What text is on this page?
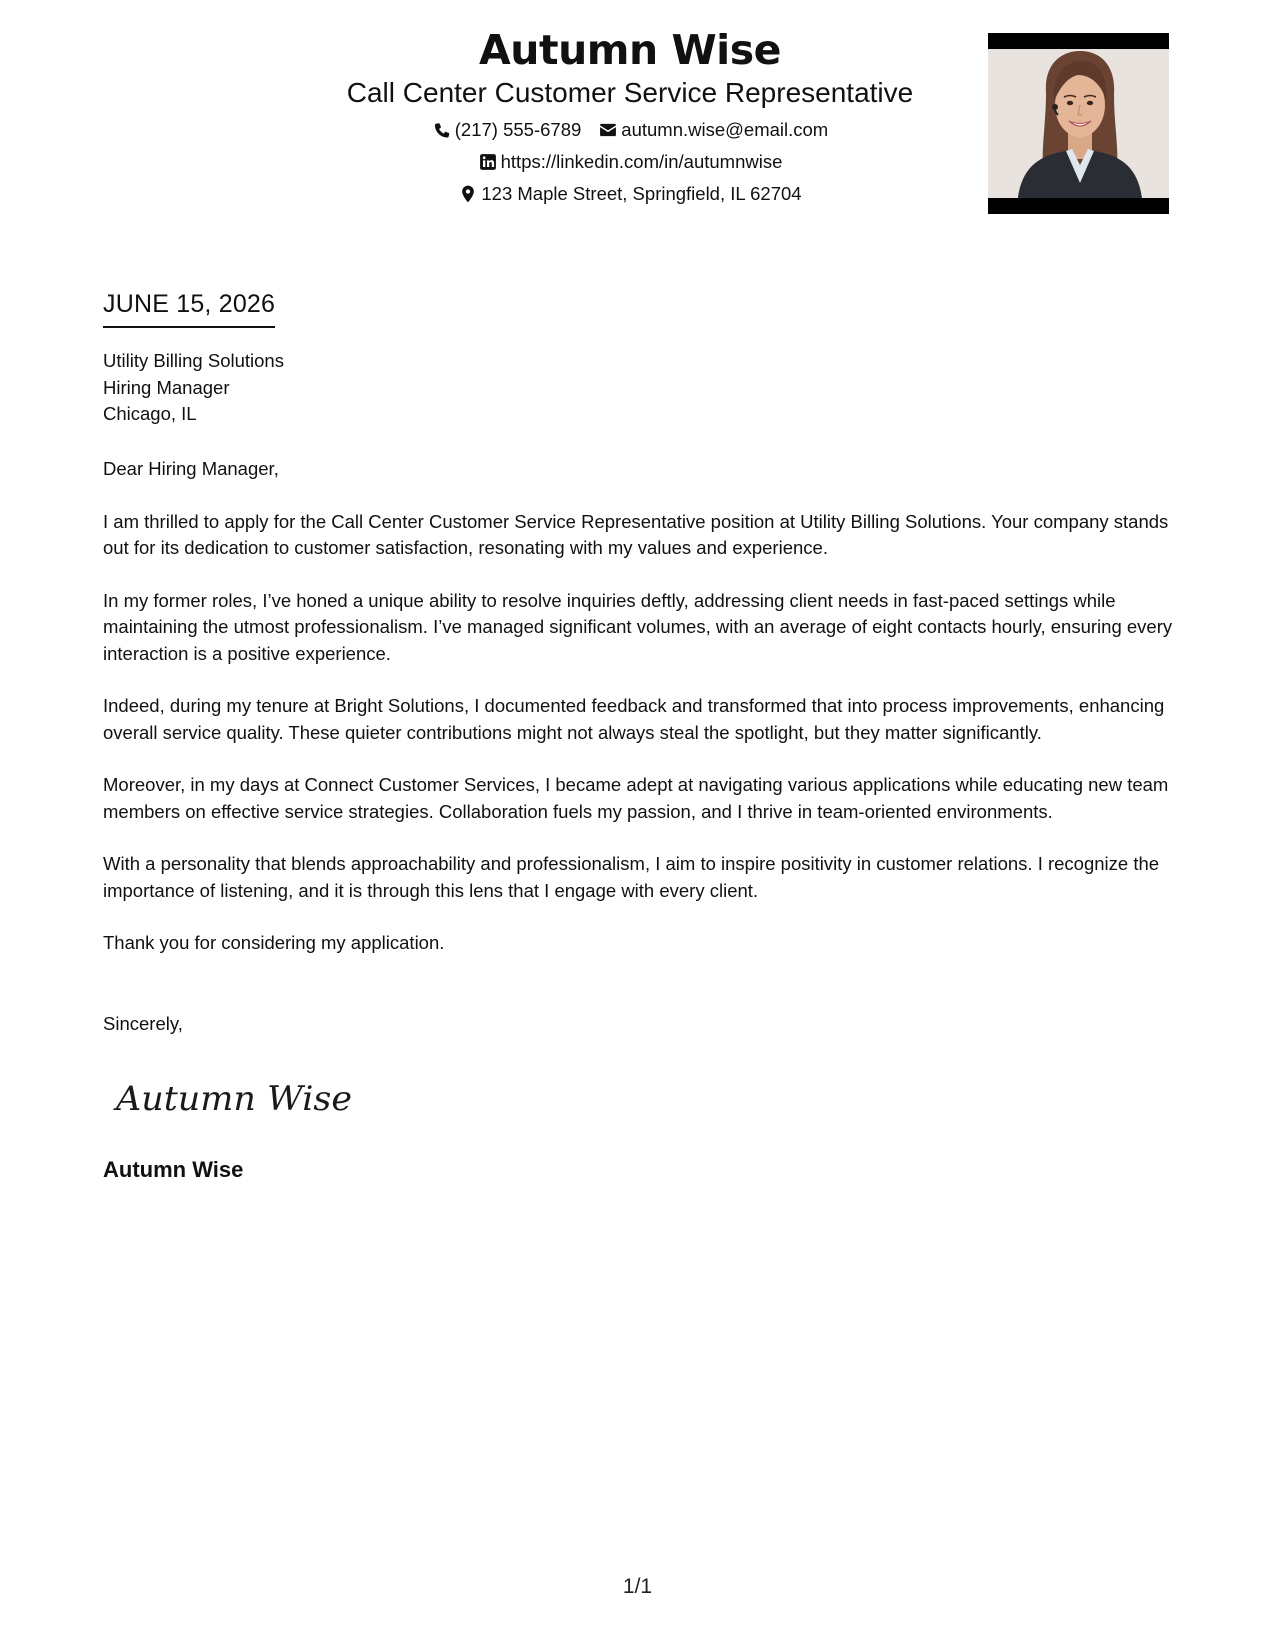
Autumn Wise
Call Center Customer Service Representative
(217) 555-6789 autumn.wise@email.com
https://linkedin.com/in/autumnwise
123 Maple Street, Springfield, IL 62704
JUNE 15, 2026
Utility Billing Solutions
Hiring Manager
Chicago, IL

Dear Hiring Manager,

I am thrilled to apply for the Call Center Customer Service Representative position at Utility Billing Solutions. Your company stands out for its dedication to customer satisfaction, resonating with my values and experience.

In my former roles, I’ve honed a unique ability to resolve inquiries deftly, addressing client needs in fast-paced settings while maintaining the utmost professionalism. I’ve managed significant volumes, with an average of eight contacts hourly, ensuring every interaction is a positive experience.

Indeed, during my tenure at Bright Solutions, I documented feedback and transformed that into process improvements, enhancing overall service quality. These quieter contributions might not always steal the spotlight, but they matter significantly.

Moreover, in my days at Connect Customer Services, I became adept at navigating various applications while educating new team members on effective service strategies. Collaboration fuels my passion, and I thrive in team-oriented environments.

With a personality that blends approachability and professionalism, I aim to inspire positivity in customer relations. I recognize the importance of listening, and it is through this lens that I engage with every client.

Thank you for considering my application.

Sincerely,
Autumn Wise
Autumn Wise
1/1
